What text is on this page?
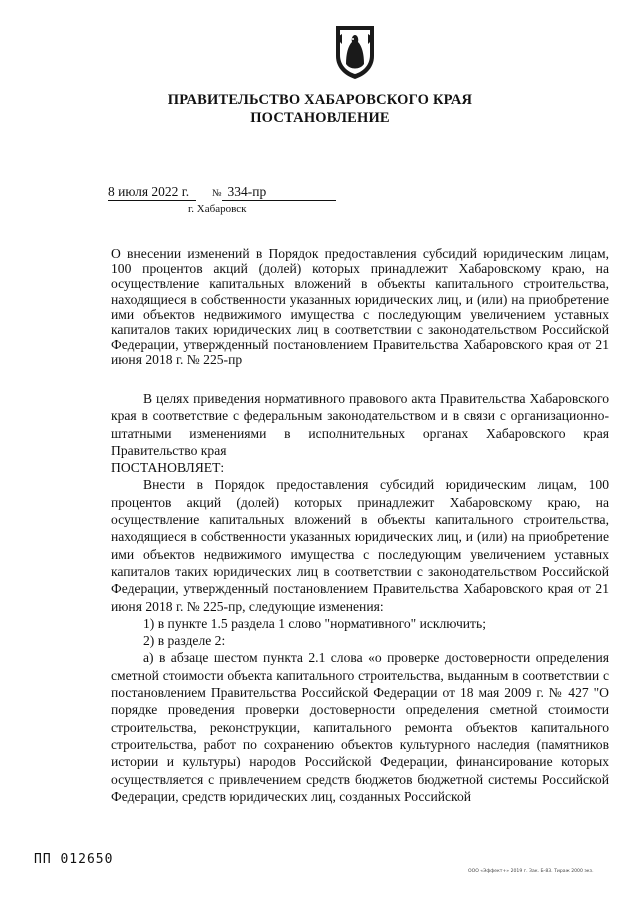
ПРАВИТЕЛЬСТВО ХАБАРОВСКОГО КРАЯ
ПОСТАНОВЛЕНИЕ
8 июля 2022 г. № 334-пр
г. Хабаровск
О внесении изменений в Порядок предоставления субсидий юридическим лицам, 100 процентов акций (долей) которых принадлежит Хабаровскому краю, на осуществление капитальных вложений в объекты капитального строительства, находящиеся в собственности указанных юридических лиц, и (или) на приобретение ими объектов недвижимого имущества с последующим увеличением уставных капиталов таких юридических лиц в соответствии с законодательством Российской Федерации, утвержденный постановлением Правительства Хабаровского края от 21 июня 2018 г. № 225-пр

В целях приведения нормативного правового акта Правительства Хабаровского края в соответствие с федеральным законодательством и в связи с организационно-штатными изменениями в исполнительных органах Хабаровского края Правительство края

ПОСТАНОВЛЯЕТ:

Внести в Порядок предоставления субсидий юридическим лицам, 100 процентов акций (долей) которых принадлежит Хабаровскому краю, на осуществление капитальных вложений в объекты капитального строительства, находящиеся в собственности указанных юридических лиц, и (или) на приобретение ими объектов недвижимого имущества с последующим увеличением уставных капиталов таких юридических лиц в соответствии с законодательством Российской Федерации, утвержденный постановлением Правительства Хабаровского края от 21 июня 2018 г. № 225-пр, следующие изменения:

1) в пункте 1.5 раздела 1 слово "нормативного" исключить;

2) в разделе 2:

а) в абзаце шестом пункта 2.1 слова «о проверке достоверности определения сметной стоимости объекта капитального строительства, выданным в соответствии с постановлением Правительства Российской Федерации от 18 мая 2009 г. № 427 "О порядке проведения проверки достоверности определения сметной стоимости строительства, реконструкции, капитального ремонта объектов капитального строительства, работ по сохранению объектов культурного наследия (памятников истории и культуры) народов Российской Федерации, финансирование которых осуществляется с привлечением средств бюджетов бюджетной системы Российской Федерации, средств юридических лиц, созданных Российской

ПП 012650
ООО «Эффект+» 2019 г. Зак. Б-83. Тираж 2000 экз.
